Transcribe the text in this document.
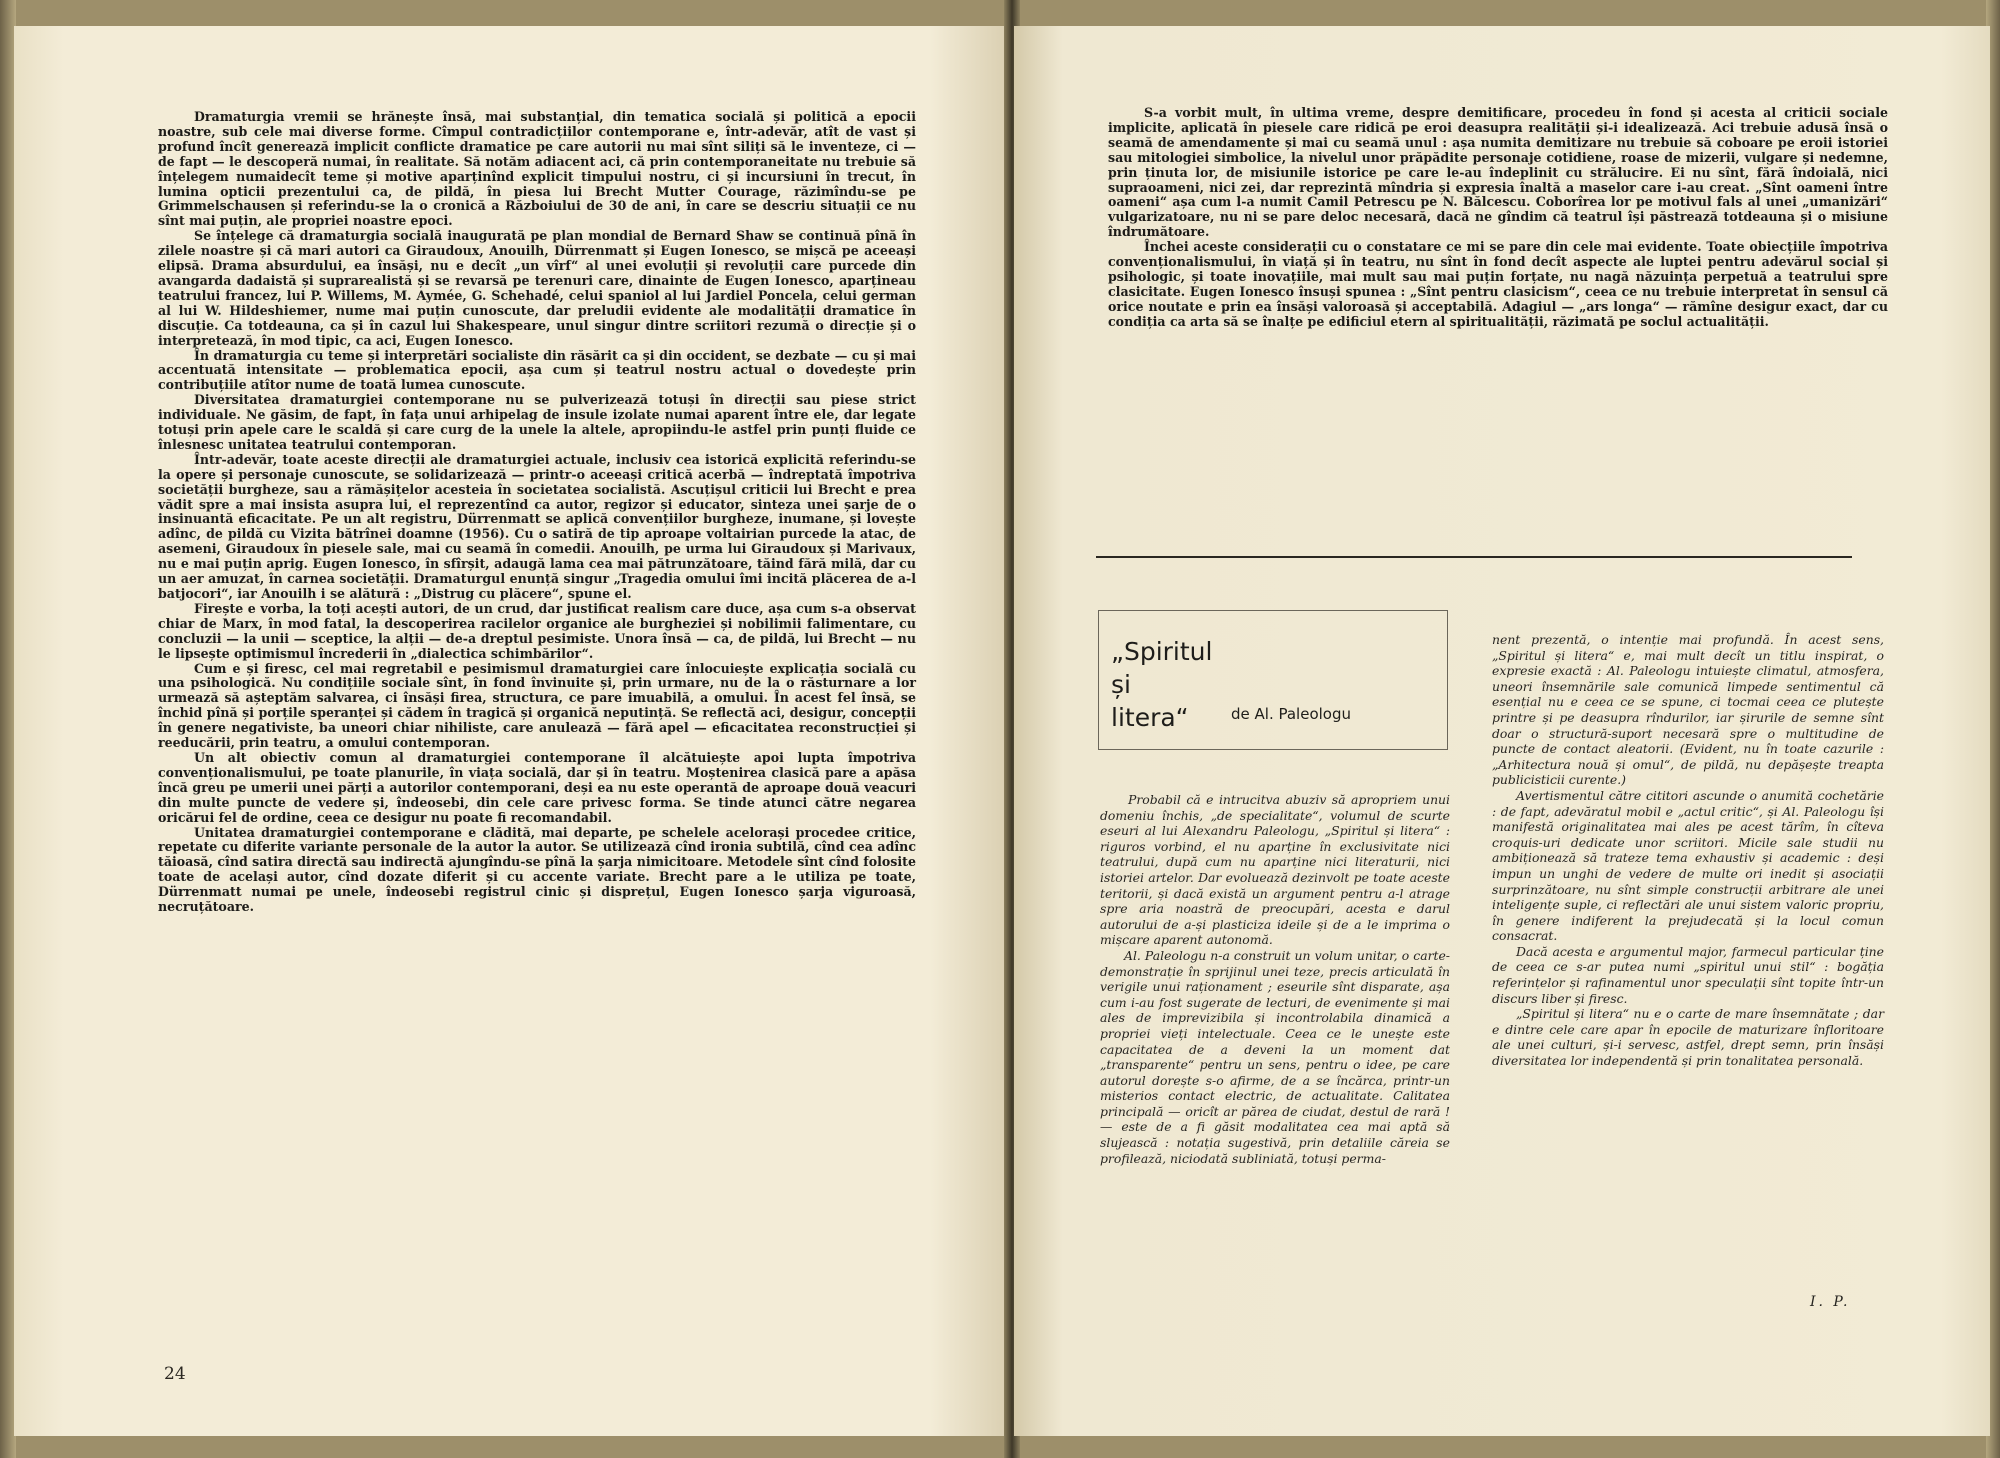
Dramaturgia vremii se hrănește însă, mai substanțial, din tematica socială și politică a epocii noastre, sub cele mai diverse forme. Cîmpul contradicțiilor contemporane e, într-adevăr, atît de vast și profund încît generează implicit conflicte dramatice pe care autorii nu mai sînt siliți să le inventeze, ci — de fapt — le descoperă numai, în realitate. Să notăm adiacent aci, că prin contemporaneitate nu trebuie să înțelegem numaidecît teme și motive aparținînd explicit timpului nostru, ci și incursiuni în trecut, în lumina opticii prezentului ca, de pildă, în piesa lui Brecht Mutter Courage, răzimîndu-se pe Grimmelschausen și referindu-se la o cronică a Războiului de 30 de ani, în care se descriu situații ce nu sînt mai puțin, ale propriei noastre epoci.

Se înțelege că dramaturgia socială inaugurată pe plan mondial de Bernard Shaw se continuă pînă în zilele noastre și că mari autori ca Giraudoux, Anouilh, Dürrenmatt și Eugen Ionesco, se mișcă pe aceeași elipsă. Drama absurdului, ea însăși, nu e decît „un vîrf“ al unei evoluții și revoluții care purcede din avangarda dadaistă și suprarealistă și se revarsă pe terenuri care, dinainte de Eugen Ionesco, aparțineau teatrului francez, lui P. Willems, M. Aymée, G. Schehadé, celui spaniol al lui Jardiel Poncela, celui german al lui W. Hildeshiemer, nume mai puțin cunoscute, dar preludii evidente ale modalității dramatice în discuție. Ca totdeauna, ca și în cazul lui Shakespeare, unul singur dintre scriitori rezumă o direcție și o interpretează, în mod tipic, ca aci, Eugen Ionesco.

În dramaturgia cu teme și interpretări socialiste din răsărit ca și din occident, se dezbate — cu și mai accentuată intensitate — problematica epocii, așa cum și teatrul nostru actual o dovedește prin contribuțiile atîtor nume de toată lumea cunoscute.

Diversitatea dramaturgiei contemporane nu se pulverizează totuși în direcții sau piese strict individuale. Ne găsim, de fapt, în fața unui arhipelag de insule izolate numai aparent între ele, dar legate totuși prin apele care le scaldă și care curg de la unele la altele, apropiindu-le astfel prin punți fluide ce înlesnesc unitatea teatrului contemporan.

Într-adevăr, toate aceste direcții ale dramaturgiei actuale, inclusiv cea istorică explicită referindu-se la opere și personaje cunoscute, se solidarizează — printr-o aceeași critică acerbă — îndreptată împotriva societății burgheze, sau a rămășițelor acesteia în societatea socialistă. Ascuțișul criticii lui Brecht e prea vădit spre a mai insista asupra lui, el reprezentînd ca autor, regizor și educator, sinteza unei șarje de o insinuantă eficacitate. Pe un alt registru, Dürrenmatt se aplică convențiilor burgheze, inumane, și lovește adînc, de pildă cu Vizita bătrînei doamne (1956). Cu o satiră de tip aproape voltairian purcede la atac, de asemeni, Giraudoux în piesele sale, mai cu seamă în comedii. Anouilh, pe urma lui Giraudoux și Marivaux, nu e mai puțin aprig. Eugen Ionesco, în sfîrșit, adaugă lama cea mai pătrunzătoare, tăind fără milă, dar cu un aer amuzat, în carnea societății. Dramaturgul enunță singur „Tragedia omului îmi incită plăcerea de a-l batjocori“, iar Anouilh i se alătură : „Distrug cu plăcere“, spune el.

Firește e vorba, la toți acești autori, de un crud, dar justificat realism care duce, așa cum s-a observat chiar de Marx, în mod fatal, la descoperirea racilelor organice ale burgheziei și nobilimii falimentare, cu concluzii — la unii — sceptice, la alții — de-a dreptul pesimiste. Unora însă — ca, de pildă, lui Brecht — nu le lipsește optimismul încrederii în „dialectica schimbărilor“.

Cum e și firesc, cel mai regretabil e pesimismul dramaturgiei care înlocuiește explicația socială cu una psihologică. Nu condițiile sociale sînt, în fond învinuite și, prin urmare, nu de la o răsturnare a lor urmează să așteptăm salvarea, ci însăși firea, structura, ce pare imuabilă, a omului. În acest fel însă, se închid pînă și porțile speranței și cădem în tragică și organică neputință. Se reflectă aci, desigur, concepții în genere negativiste, ba uneori chiar nihiliste, care anulează — fără apel — eficacitatea reconstrucției și reeducării, prin teatru, a omului contemporan.

Un alt obiectiv comun al dramaturgiei contemporane îl alcătuiește apoi lupta împotriva convenționalismului, pe toate planurile, în viața socială, dar și în teatru. Moștenirea clasică pare a apăsa încă greu pe umerii unei părți a autorilor contemporani, deși ea nu este operantă de aproape două veacuri din multe puncte de vedere și, îndeosebi, din cele care privesc forma. Se tinde atunci către negarea oricărui fel de ordine, ceea ce desigur nu poate fi recomandabil.

Unitatea dramaturgiei contemporane e clădită, mai departe, pe schelele acelorași procedee critice, repetate cu diferite variante personale de la autor la autor. Se utilizează cînd ironia subtilă, cînd cea adînc tăioasă, cînd satira directă sau indirectă ajungîndu-se pînă la șarja nimicitoare. Metodele sînt cînd folosite toate de același autor, cînd dozate diferit și cu accente variate. Brecht pare a le utiliza pe toate, Dürrenmatt numai pe unele, îndeosebi registrul cinic și disprețul, Eugen Ionesco șarja viguroasă, necruțătoare.

24

S-a vorbit mult, în ultima vreme, despre demitificare, procedeu în fond și acesta al criticii sociale implicite, aplicată în piesele care ridică pe eroi deasupra realității și-i idealizează. Aci trebuie adusă însă o seamă de amendamente și mai cu seamă unul : așa numita demitizare nu trebuie să coboare pe eroii istoriei sau mitologiei simbolice, la nivelul unor prăpădite personaje cotidiene, roase de mizerii, vulgare și nedemne, prin ținuta lor, de misiunile istorice pe care le-au îndeplinit cu strălucire. Ei nu sînt, fără îndoială, nici supraoameni, nici zei, dar reprezintă mîndria și expresia înaltă a maselor care i-au creat. „Sînt oameni între oameni“ așa cum l-a numit Camil Petrescu pe N. Bălcescu. Coborîrea lor pe motivul fals al unei „umanizări“ vulgarizatoare, nu ni se pare deloc necesară, dacă ne gîndim că teatrul își păstrează totdeauna și o misiune îndrumătoare.

Închei aceste considerații cu o constatare ce mi se pare din cele mai evidente. Toate obiecțiile împotriva convenționalismului, în viață și în teatru, nu sînt în fond decît aspecte ale luptei pentru adevărul social și psihologic, și toate inovațiile, mai mult sau mai puțin forțate, nu nagă năzuința perpetuă a teatrului spre clasicitate. Eugen Ionesco însuși spunea : „Sînt pentru clasicism“, ceea ce nu trebuie interpretat în sensul că orice noutate e prin ea însăși valoroasă și acceptabilă. Adagiul — „ars longa“ — rămîne desigur exact, dar cu condiția ca arta să se înalțe pe edificiul etern al spiritualității, răzimată pe soclul actualității.

„Spiritul
și
litera“	de Al. Paleologu

Probabil că e intrucitva abuziv să apropriem unui domeniu închis, „de specialitate“, volumul de scurte eseuri al lui Alexandru Paleologu, „Spiritul și litera“ : riguros vorbind, el nu aparține în exclusivitate nici teatrului, după cum nu aparține nici literaturii, nici istoriei artelor. Dar evoluează dezinvolt pe toate aceste teritorii, și dacă există un argument pentru a-l atrage spre aria noastră de preocupări, acesta e darul autorului de a-și plasticiza ideile și de a le imprima o mișcare aparent autonomă.

Al. Paleologu n-a construit un volum unitar, o carte-demonstrație în sprijinul unei teze, precis articulată în verigile unui raționament ; eseurile sînt disparate, așa cum i-au fost sugerate de lecturi, de evenimente și mai ales de imprevizibila și incontrolabila dinamică a propriei vieți intelectuale. Ceea ce le unește este capacitatea de a deveni la un moment dat „transparente“ pentru un sens, pentru o idee, pe care autorul dorește s-o afirme, de a se încărca, printr-un misterios contact electric, de actualitate. Calitatea principală — oricît ar părea de ciudat, destul de rară ! — este de a fi găsit modalitatea cea mai aptă să slujească : notația sugestivă, prin detaliile căreia se profilează, niciodată subliniată, totuși perma-

nent prezentă, o intenție mai profundă. În acest sens, „Spiritul și litera“ e, mai mult decît un titlu inspirat, o expresie exactă : Al. Paleologu intuiește climatul, atmosfera, uneori însemnările sale comunică limpede sentimentul că esențial nu e ceea ce se spune, ci tocmai ceea ce plutește printre și pe deasupra rîndurilor, iar șirurile de semne sînt doar o structură-suport necesară spre o multitudine de puncte de contact aleatorii. (Evident, nu în toate cazurile : „Arhitectura nouă și omul“, de pildă, nu depășește treapta publicisticii curente.)

Avertismentul către cititori ascunde o anumită cochetărie : de fapt, adevăratul mobil e „actul critic“, și Al. Paleologu își manifestă originalitatea mai ales pe acest tărîm, în cîteva croquis-uri dedicate unor scriitori. Micile sale studii nu ambiționează să trateze tema exhaustiv și academic : deși impun un unghi de vedere de multe ori inedit și asociații surprinzătoare, nu sînt simple construcții arbitrare ale unei inteligențe suple, ci reflectări ale unui sistem valoric propriu, în genere indiferent la prejudecată și la locul comun consacrat.

Dacă acesta e argumentul major, farmecul particular ține de ceea ce s-ar putea numi „spiritul unui stil“ : bogăția referințelor și rafinamentul unor speculații sînt topite într-un discurs liber și firesc.

„Spiritul și litera“ nu e o carte de mare însemnătate ; dar e dintre cele care apar în epocile de maturizare înfloritoare ale unei culturi, și-i servesc, astfel, drept semn, prin însăși diversitatea lor independentă și prin tonalitatea personală.

I. P.
